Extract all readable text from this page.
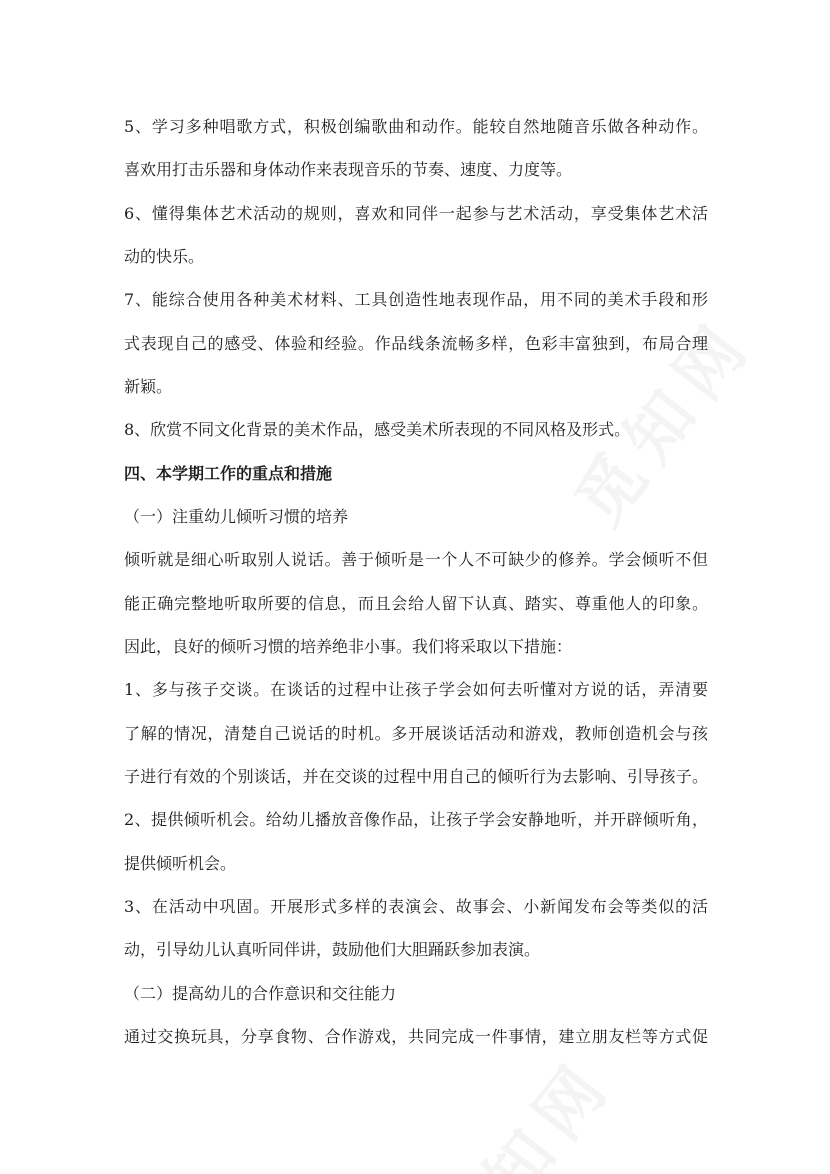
5、学习多种唱歌方式，积极创编歌曲和动作。能较自然地随音乐做各种动作。
喜欢用打击乐器和身体动作来表现音乐的节奏、速度、力度等。
6、懂得集体艺术活动的规则，喜欢和同伴一起参与艺术活动，享受集体艺术活
动的快乐。
7、能综合使用各种美术材料、工具创造性地表现作品，用不同的美术手段和形
式表现自己的感受、体验和经验。作品线条流畅多样，色彩丰富独到，布局合理
新颖。
8、欣赏不同文化背景的美术作品，感受美术所表现的不同风格及形式。
四、本学期工作的重点和措施
（一）注重幼儿倾听习惯的培养
倾听就是细心听取别人说话。善于倾听是一个人不可缺少的修养。学会倾听不但
能正确完整地听取所要的信息，而且会给人留下认真、踏实、尊重他人的印象。
因此，良好的倾听习惯的培养绝非小事。我们将采取以下措施：
1、多与孩子交谈。在谈话的过程中让孩子学会如何去听懂对方说的话，弄清要
了解的情况，清楚自己说话的时机。多开展谈话活动和游戏，教师创造机会与孩
子进行有效的个别谈话，并在交谈的过程中用自己的倾听行为去影响、引导孩子。
2、提供倾听机会。给幼儿播放音像作品，让孩子学会安静地听，并开辟倾听角，
提供倾听机会。
3、在活动中巩固。开展形式多样的表演会、故事会、小新闻发布会等类似的活
动，引导幼儿认真听同伴讲，鼓励他们大胆踊跃参加表演。
（二）提高幼儿的合作意识和交往能力
通过交换玩具，分享食物、合作游戏，共同完成一件事情，建立朋友栏等方式促
